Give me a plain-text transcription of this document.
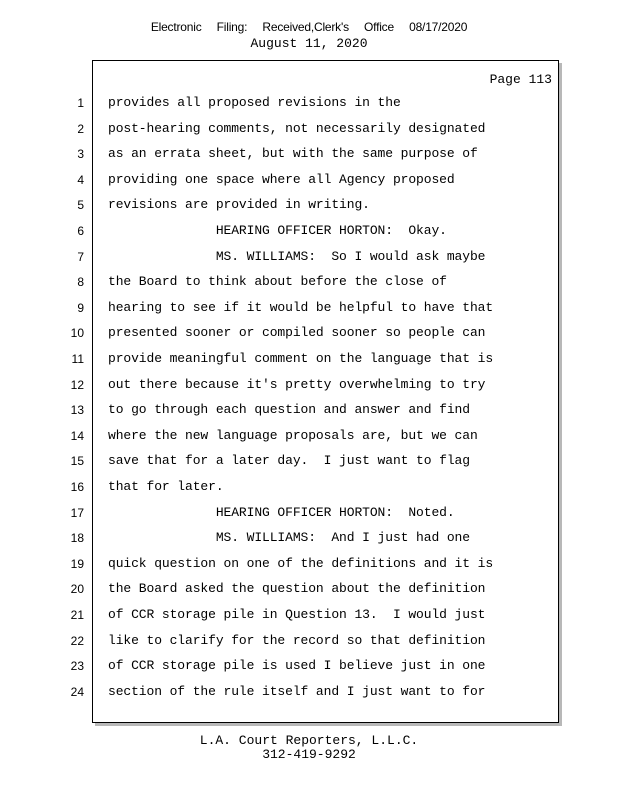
Electronic Filing: Received,Clerk's Office 08/17/2020
August 11, 2020
Page 113
1 provides all proposed revisions in the
2 post-hearing comments, not necessarily designated
3 as an errata sheet, but with the same purpose of
4 providing one space where all Agency proposed
5 revisions are provided in writing.
6 HEARING OFFICER HORTON:  Okay.
7 MS. WILLIAMS:  So I would ask maybe
8 the Board to think about before the close of
9 hearing to see if it would be helpful to have that
10 presented sooner or compiled sooner so people can
11 provide meaningful comment on the language that is
12 out there because it's pretty overwhelming to try
13 to go through each question and answer and find
14 where the new language proposals are, but we can
15 save that for a later day.  I just want to flag
16 that for later.
17 HEARING OFFICER HORTON:  Noted.
18 MS. WILLIAMS:  And I just had one
19 quick question on one of the definitions and it is
20 the Board asked the question about the definition
21 of CCR storage pile in Question 13.  I would just
22 like to clarify for the record so that definition
23 of CCR storage pile is used I believe just in one
24 section of the rule itself and I just want to for
L.A. Court Reporters, L.L.C.
312-419-9292
